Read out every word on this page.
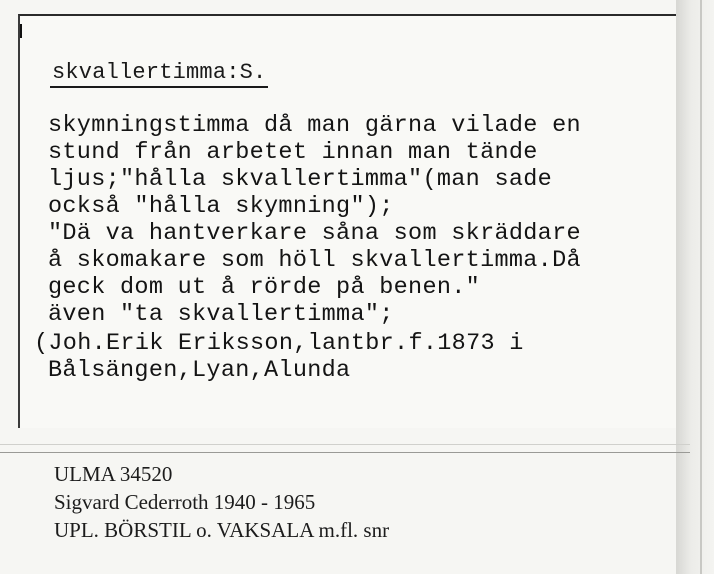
skvallertimma:S.
skymningstimma då man gärna vilade en
stund från arbetet innan man tände
ljus;"hålla skvallertimma"(man sade
också "hålla skymning");
"Dä va hantverkare såna som skräddare
å skomakare som höll skvallertimma.Då
geck dom ut å rörde på benen."
även "ta skvallertimma";
(Joh.Erik Eriksson,lantbr.f.1873 i
Bålsängen,Lyan,Alunda
ULMA 34520
Sigvard Cederroth 1940 - 1965
UPL. BÖRSTIL o. VAKSALA m.fl. snr
